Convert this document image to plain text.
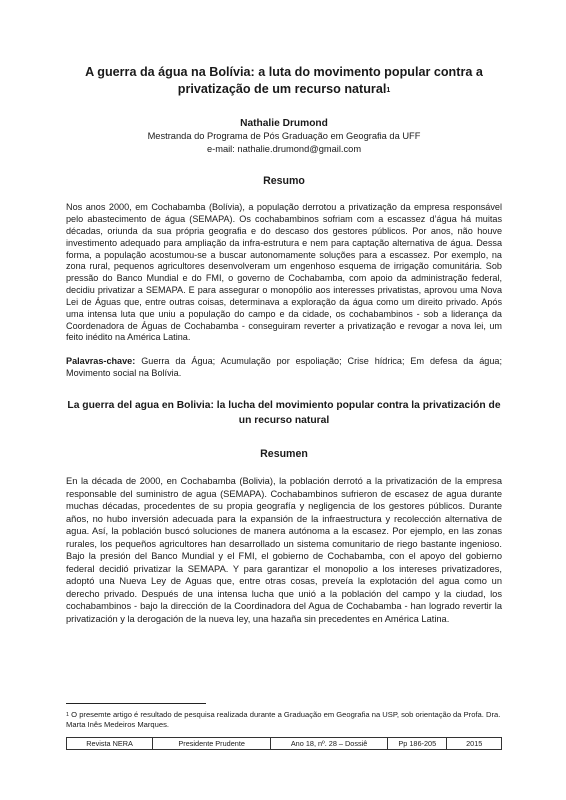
A guerra da água na Bolívia: a luta do movimento popular contra a privatização de um recurso natural$^1$
Nathalie Drumond
Mestranda do Programa de Pós Graduação em Geografia da UFF
e-mail: nathalie.drumond@gmail.com
Resumo

Nos anos 2000, em Cochabamba (Bolívia), a população derrotou a privatização da empresa responsável pelo abastecimento de água (SEMAPA). Os cochabambinos sofriam com a escassez d’água há muitas décadas, oriunda da sua própria geografia e do descaso dos gestores públicos. Por anos, não houve investimento adequado para ampliação da infra-estrutura e nem para captação alternativa de água. Dessa forma, a população acostumou-se a buscar autonomamente soluções para a escassez. Por exemplo, na zona rural, pequenos agricultores desenvolveram um engenhoso esquema de irrigação comunitária. Sob pressão do Banco Mundial e do FMI, o governo de Cochabamba, com apoio da administração federal, decidiu privatizar a SEMAPA. E para assegurar o monopólio aos interesses privatistas, aprovou uma Nova Lei de Águas que, entre outras coisas, determinava a exploração da água como um direito privado. Após uma intensa luta que uniu a população do campo e da cidade, os cochabambinos - sob a liderança da Coordenadora de Águas de Cochabamba - conseguiram reverter a privatização e revogar a nova lei, um feito inédito na América Latina.

Palavras-chave: Guerra da Água; Acumulação por espoliação; Crise hídrica; Em defesa da água; Movimento social na Bolívia.

La guerra del agua en Bolivia: la lucha del movimiento popular contra la privatización de un recurso natural
Resumen

En la década de 2000, en Cochabamba (Bolivia), la población derrotó a la privatización de la empresa responsable del suministro de agua (SEMAPA). Cochabambinos sufrieron de escasez de agua durante muchas décadas, procedentes de su propia geografía y negligencia de los gestores públicos. Durante años, no hubo inversión adecuada para la expansión de la infraestructura y recolección alternativa de agua. Así, la población buscó soluciones de manera autónoma a la escasez. Por ejemplo, en las zonas rurales, los pequeños agricultores han desarrollado un sistema comunitario de riego bastante ingenioso. Bajo la presión del Banco Mundial y el FMI, el gobierno de Cochabamba, con el apoyo del gobierno federal decidió privatizar la SEMAPA. Y para garantizar el monopolio a los intereses privatizadores, adoptó una Nueva Ley de Aguas que, entre otras cosas, preveía la explotación del agua como un derecho privado. Después de una intensa lucha que unió a la población del campo y la ciudad, los cochabambinos - bajo la dirección de la Coordinadora del Agua de Cochabamba - han logrado revertir la privatización y la derogación de la nueva ley, una hazaña sin precedentes en América Latina.

$^1$ O presemte artigo é resultado de pesquisa realizada durante a Graduação em Geografia na USP, sob orientação da Profa. Dra. Marta Inês Medeiros Marques.
Revista NERA	Presidente Prudente	Ano 18, nº. 28 – Dossiê	Pp 186-205	2015
